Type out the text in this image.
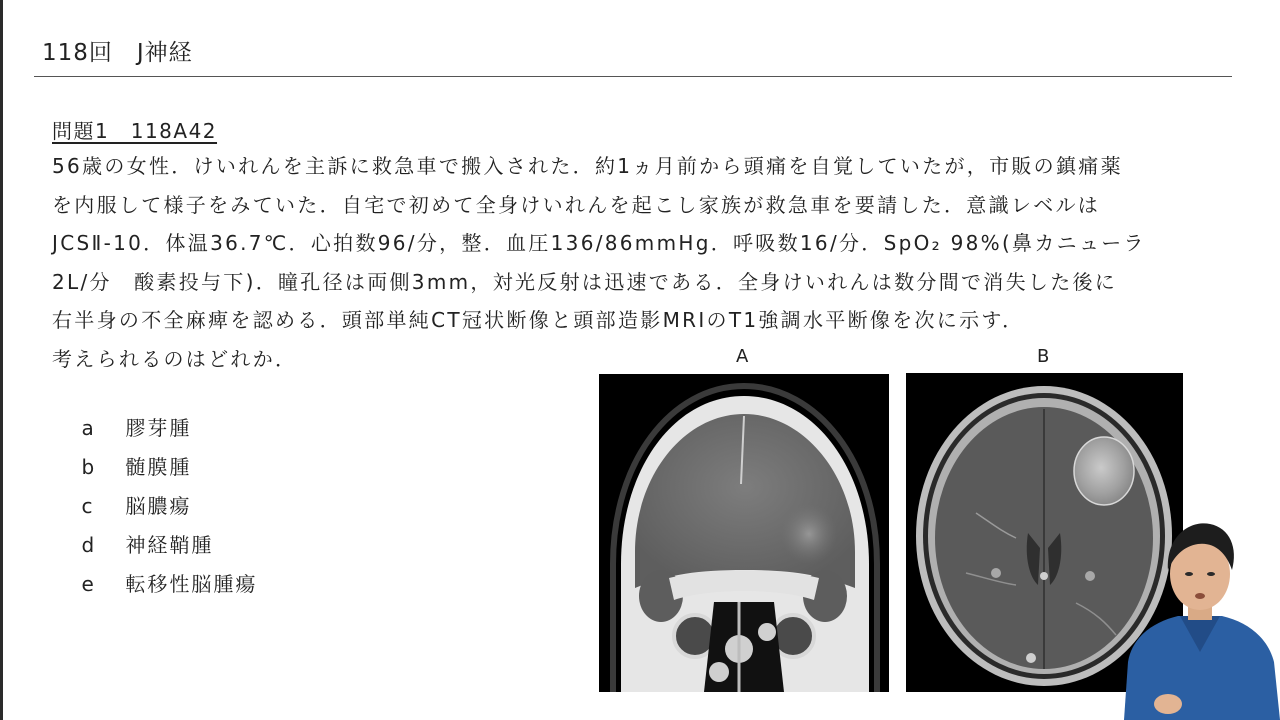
118回　J神経
問題1　118A42
56歳の女性．けいれんを主訴に救急車で搬入された．約1ヵ月前から頭痛を自覚していたが，市販の鎮痛薬
を内服して様子をみていた．自宅で初めて全身けいれんを起こし家族が救急車を要請した．意識レベルは
JCSⅡ-10．体温36.7℃．心拍数96/分，整．血圧136/86mmHg．呼吸数16/分．SpO₂ 98%(鼻カニューラ
2L/分　酸素投与下)．瞳孔径は両側3mm，対光反射は迅速である．全身けいれんは数分間で消失した後に
右半身の不全麻痺を認める．頭部単純CT冠状断像と頭部造影MRIのT1強調水平断像を次に示す．
考えられるのはどれか．

a 膠芽腫

b 髄膜腫

c 脳膿瘍

d 神経鞘腫

e 転移性脳腫瘍

A	B
